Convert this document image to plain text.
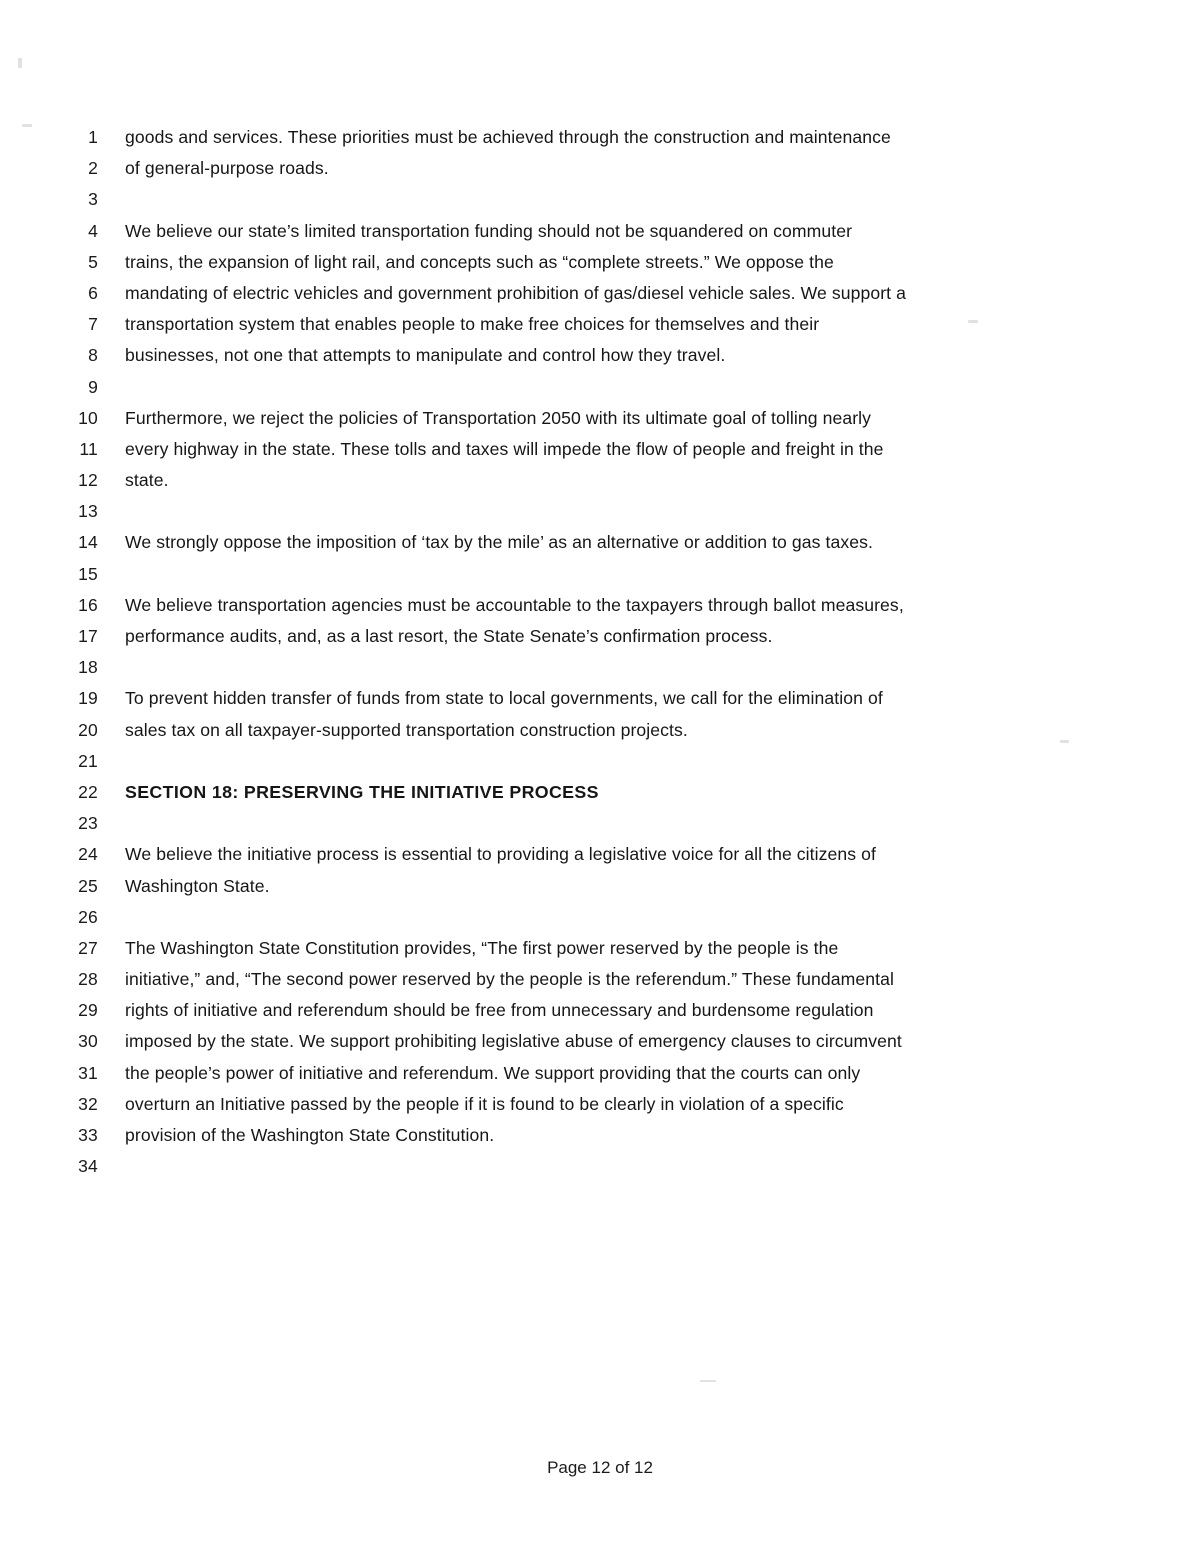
1	goods and services. These priorities must be achieved through the construction and maintenance
2	of general-purpose roads.
3
4	We believe our state’s limited transportation funding should not be squandered on commuter
5	trains, the expansion of light rail, and concepts such as “complete streets.” We oppose the
6	mandating of electric vehicles and government prohibition of gas/diesel vehicle sales. We support a
7	transportation system that enables people to make free choices for themselves and their
8	businesses, not one that attempts to manipulate and control how they travel.
9
10	Furthermore, we reject the policies of Transportation 2050 with its ultimate goal of tolling nearly
11	every highway in the state. These tolls and taxes will impede the flow of people and freight in the
12	state.
13
14	We strongly oppose the imposition of ‘tax by the mile’ as an alternative or addition to gas taxes.
15
16	We believe transportation agencies must be accountable to the taxpayers through ballot measures,
17	performance audits, and, as a last resort, the State Senate’s confirmation process.
18
19	To prevent hidden transfer of funds from state to local governments, we call for the elimination of
20	sales tax on all taxpayer-supported transportation construction projects.
21
22	SECTION 18: PRESERVING THE INITIATIVE PROCESS
23
24	We believe the initiative process is essential to providing a legislative voice for all the citizens of
25	Washington State.
26
27	The Washington State Constitution provides, “The first power reserved by the people is the
28	initiative,” and, “The second power reserved by the people is the referendum.” These fundamental
29	rights of initiative and referendum should be free from unnecessary and burdensome regulation
30	imposed by the state. We support prohibiting legislative abuse of emergency clauses to circumvent
31	the people’s power of initiative and referendum. We support providing that the courts can only
32	overturn an Initiative passed by the people if it is found to be clearly in violation of a specific
33	provision of the Washington State Constitution.
34
Page 12 of 12
